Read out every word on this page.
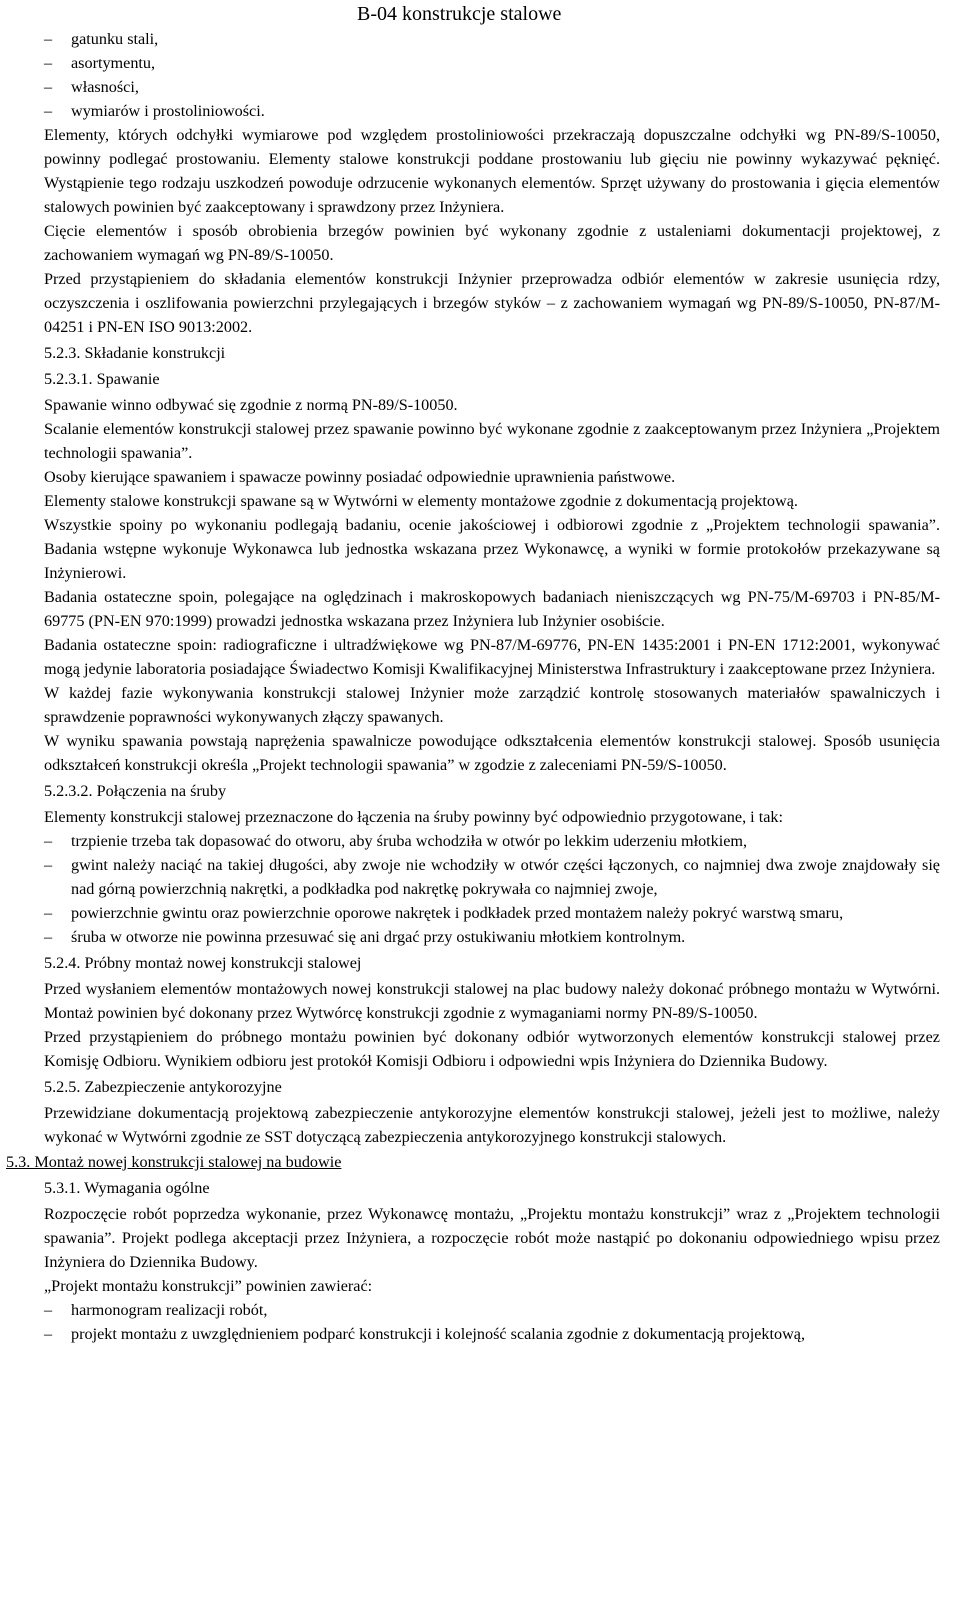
B-04 konstrukcje stalowe
– gatunku stali,
– asortymentu,
– własności,
– wymiarów i prostoliniowości.

Elementy, których odchyłki wymiarowe pod względem prostoliniowości przekraczają dopuszczalne odchyłki wg PN-89/S-10050, powinny podlegać prostowaniu. Elementy stalowe konstrukcji poddane prostowaniu lub gięciu nie powinny wykazywać pęknięć. Wystąpienie tego rodzaju uszkodzeń powoduje odrzucenie wykonanych elementów. Sprzęt używany do prostowania i gięcia elementów stalowych powinien być zaakceptowany i sprawdzony przez Inżyniera.

Cięcie elementów i sposób obrobienia brzegów powinien być wykonany zgodnie z ustaleniami dokumentacji projektowej, z zachowaniem wymagań wg PN-89/S-10050.

Przed przystąpieniem do składania elementów konstrukcji Inżynier przeprowadza odbiór elementów w zakresie usunięcia rdzy, oczyszczenia i oszlifowania powierzchni przylegających i brzegów styków – z zachowaniem wymagań wg PN-89/S-10050, PN-87/M-04251 i PN-EN ISO 9013:2002.

5.2.3. Składanie konstrukcji

5.2.3.1. Spawanie

Spawanie winno odbywać się zgodnie z normą PN-89/S-10050.

Scalanie elementów konstrukcji stalowej przez spawanie powinno być wykonane zgodnie z zaakceptowanym przez Inżyniera „Projektem technologii spawania”.

Osoby kierujące spawaniem i spawacze powinny posiadać odpowiednie uprawnienia państwowe.

Elementy stalowe konstrukcji spawane są w Wytwórni w elementy montażowe zgodnie z dokumentacją projektową.

Wszystkie spoiny po wykonaniu podlegają badaniu, ocenie jakościowej i odbiorowi zgodnie z „Projektem technologii spawania”. Badania wstępne wykonuje Wykonawca lub jednostka wskazana przez Wykonawcę, a wyniki w formie protokołów przekazywane są Inżynierowi.

Badania ostateczne spoin, polegające na oględzinach i makroskopowych badaniach nieniszczących wg PN-75/M-69703 i PN-85/M-69775 (PN-EN 970:1999) prowadzi jednostka wskazana przez Inżyniera lub Inżynier osobiście.

Badania ostateczne spoin: radiograficzne i ultradźwiękowe wg PN-87/M-69776, PN-EN 1435:2001 i PN-EN 1712:2001, wykonywać mogą jedynie laboratoria posiadające Świadectwo Komisji Kwalifikacyjnej Ministerstwa Infrastruktury i zaakceptowane przez Inżyniera.

W każdej fazie wykonywania konstrukcji stalowej Inżynier może zarządzić kontrolę stosowanych materiałów spawalniczych i sprawdzenie poprawności wykonywanych złączy spawanych.

W wyniku spawania powstają naprężenia spawalnicze powodujące odkształcenia elementów konstrukcji stalowej. Sposób usunięcia odkształceń konstrukcji określa „Projekt technologii spawania” w zgodzie z zaleceniami PN-59/S-10050.

5.2.3.2. Połączenia na śruby

Elementy konstrukcji stalowej przeznaczone do łączenia na śruby powinny być odpowiednio przygotowane, i tak:

– trzpienie trzeba tak dopasować do otworu, aby śruba wchodziła w otwór po lekkim uderzeniu młotkiem,
– gwint należy naciąć na takiej długości, aby zwoje nie wchodziły w otwór części łączonych, co najmniej dwa zwoje znajdowały się nad górną powierzchnią nakrętki, a podkładka pod nakrętkę pokrywała co najmniej zwoje,
– powierzchnie gwintu oraz powierzchnie oporowe nakrętek i podkładek przed montażem należy pokryć warstwą smaru,
– śruba w otworze nie powinna przesuwać się ani drgać przy ostukiwaniu młotkiem kontrolnym.

5.2.4. Próbny montaż nowej konstrukcji stalowej

Przed wysłaniem elementów montażowych nowej konstrukcji stalowej na plac budowy należy dokonać próbnego montażu w Wytwórni. Montaż powinien być dokonany przez Wytwórcę konstrukcji zgodnie z wymaganiami normy PN-89/S-10050.

Przed przystąpieniem do próbnego montażu powinien być dokonany odbiór wytworzonych elementów konstrukcji stalowej przez Komisję Odbioru. Wynikiem odbioru jest protokół Komisji Odbioru i odpowiedni wpis Inżyniera do Dziennika Budowy.

5.2.5. Zabezpieczenie antykorozyjne

Przewidziane dokumentacją projektową zabezpieczenie antykorozyjne elementów konstrukcji stalowej, jeżeli jest to możliwe, należy wykonać w Wytwórni zgodnie ze SST dotyczącą zabezpieczenia antykorozyjnego konstrukcji stalowych.

5.3. Montaż nowej konstrukcji stalowej na budowie

5.3.1. Wymagania ogólne

Rozpoczęcie robót poprzedza wykonanie, przez Wykonawcę montażu, „Projektu montażu konstrukcji” wraz z „Projektem technologii spawania”. Projekt podlega akceptacji przez Inżyniera, a rozpoczęcie robót może nastąpić po dokonaniu odpowiedniego wpisu przez Inżyniera do Dziennika Budowy.

„Projekt montażu konstrukcji” powinien zawierać:

– harmonogram realizacji robót,
– projekt montażu z uwzględnieniem podparć konstrukcji i kolejność scalania zgodnie z dokumentacją projektową,
